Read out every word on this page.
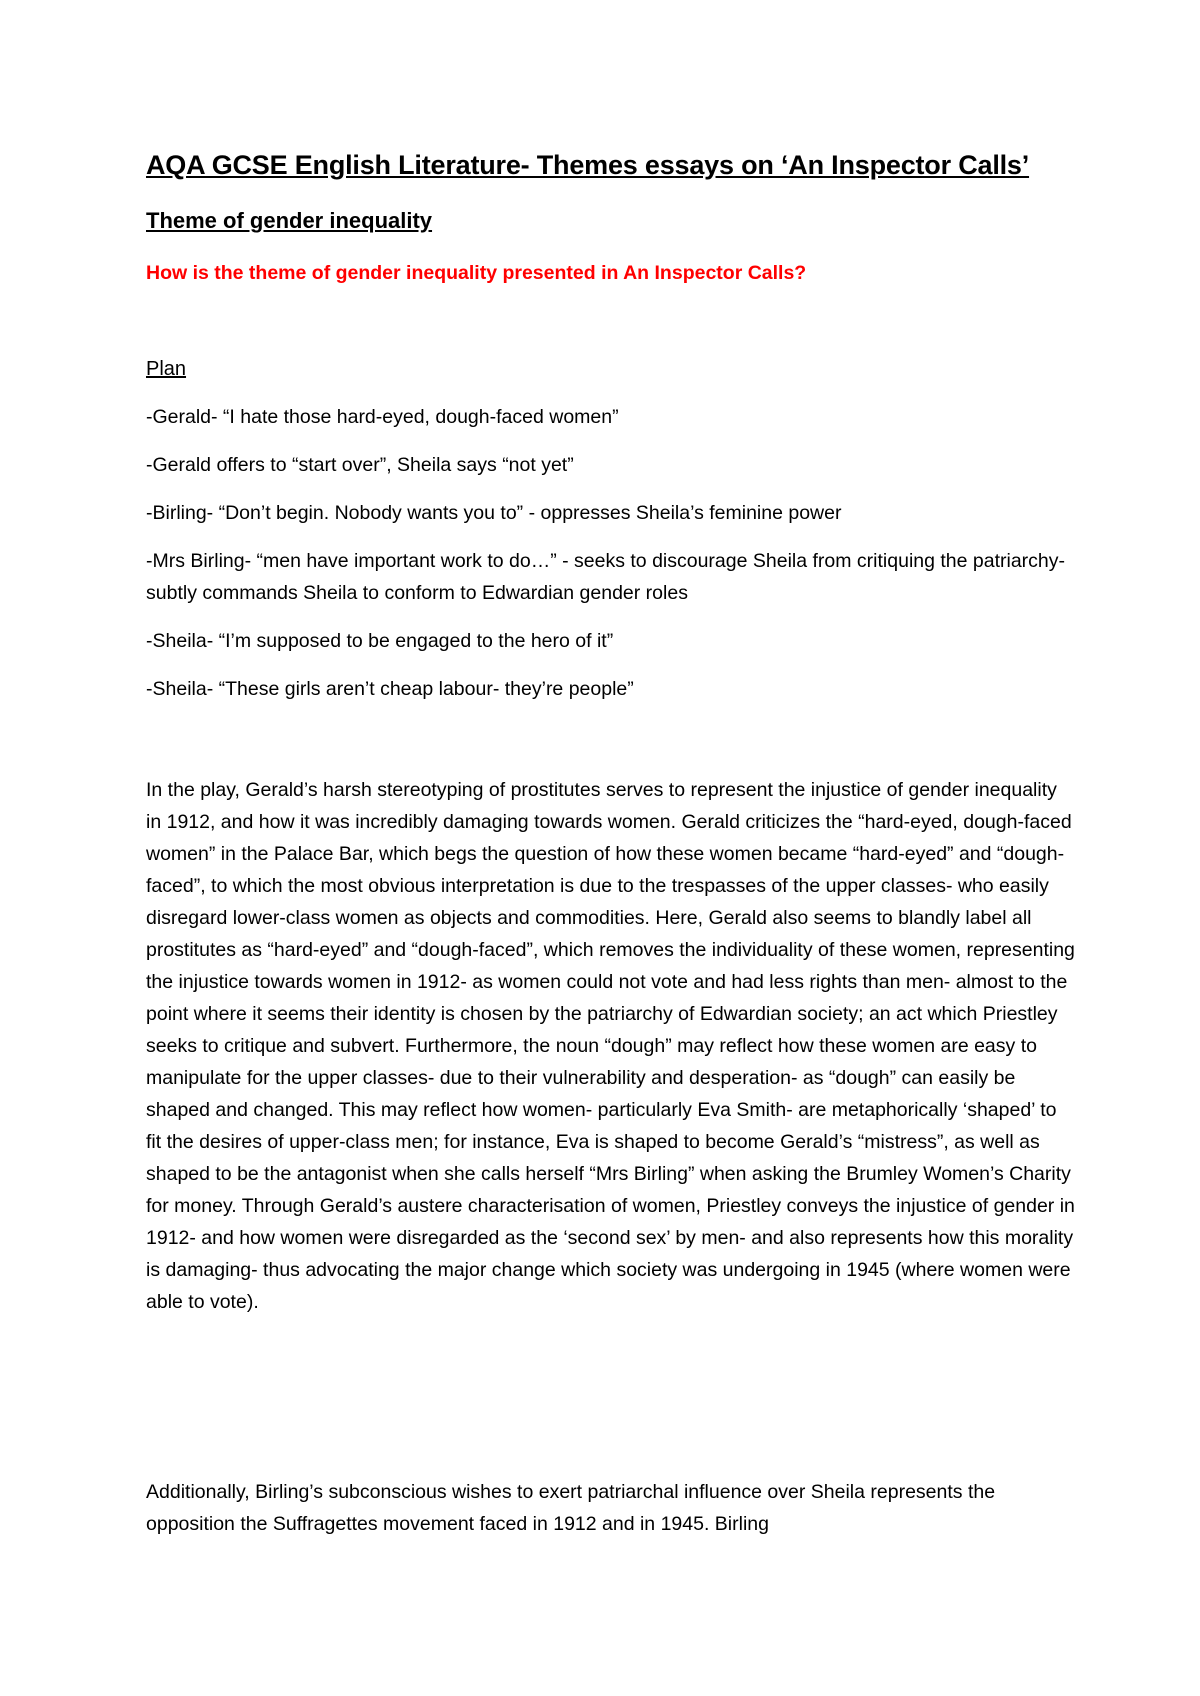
AQA GCSE English Literature- Themes essays on ‘An Inspector Calls’
Theme of gender inequality

How is the theme of gender inequality presented in An Inspector Calls?

Plan

-Gerald- “I hate those hard-eyed, dough-faced women”
-Gerald offers to “start over”, Sheila says “not yet”
-Birling- “Don’t begin. Nobody wants you to” - oppresses Sheila’s feminine power
-Mrs Birling- “men have important work to do…” - seeks to discourage Sheila from critiquing the patriarchy- subtly commands Sheila to conform to Edwardian gender roles
-Sheila- “I’m supposed to be engaged to the hero of it”
-Sheila- “These girls aren’t cheap labour- they’re people”

In the play, Gerald’s harsh stereotyping of prostitutes serves to represent the injustice of gender inequality in 1912, and how it was incredibly damaging towards women. Gerald criticizes the “hard-eyed, dough-faced women” in the Palace Bar, which begs the question of how these women became “hard-eyed” and “dough-faced”, to which the most obvious interpretation is due to the trespasses of the upper classes- who easily disregard lower-class women as objects and commodities. Here, Gerald also seems to blandly label all prostitutes as “hard-eyed” and “dough-faced”, which removes the individuality of these women, representing the injustice towards women in 1912- as women could not vote and had less rights than men- almost to the point where it seems their identity is chosen by the patriarchy of Edwardian society; an act which Priestley seeks to critique and subvert. Furthermore, the noun “dough” may reflect how these women are easy to manipulate for the upper classes- due to their vulnerability and desperation- as “dough” can easily be shaped and changed. This may reflect how women- particularly Eva Smith- are metaphorically ‘shaped’ to fit the desires of upper-class men; for instance, Eva is shaped to become Gerald’s “mistress”, as well as shaped to be the antagonist when she calls herself “Mrs Birling” when asking the Brumley Women’s Charity for money. Through Gerald’s austere characterisation of women, Priestley conveys the injustice of gender in 1912- and how women were disregarded as the ‘second sex’ by men- and also represents how this morality is damaging- thus advocating the major change which society was undergoing in 1945 (where women were able to vote).

Additionally, Birling’s subconscious wishes to exert patriarchal influence over Sheila represents the opposition the Suffragettes movement faced in 1912 and in 1945. Birling
